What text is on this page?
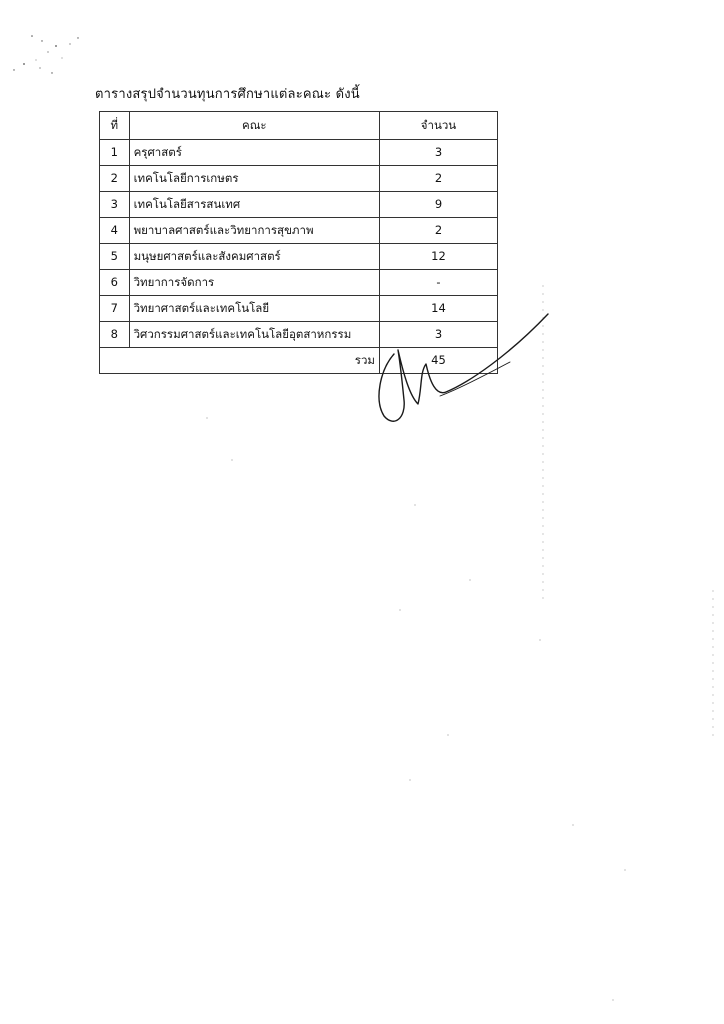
ตารางสรุปจำนวนทุนการศึกษาแต่ละคณะ ดังนี้
ที่	คณะ	จำนวน
1	ครุศาสตร์	3
2	เทคโนโลยีการเกษตร	2
3	เทคโนโลยีสารสนเทศ	9
4	พยาบาลศาสตร์และวิทยาการสุขภาพ	2
5	มนุษยศาสตร์และสังคมศาสตร์	12
6	วิทยาการจัดการ	-
7	วิทยาศาสตร์และเทคโนโลยี	14
8	วิศวกรรมศาสตร์และเทคโนโลยีอุตสาหกรรม	3
รวม		45
